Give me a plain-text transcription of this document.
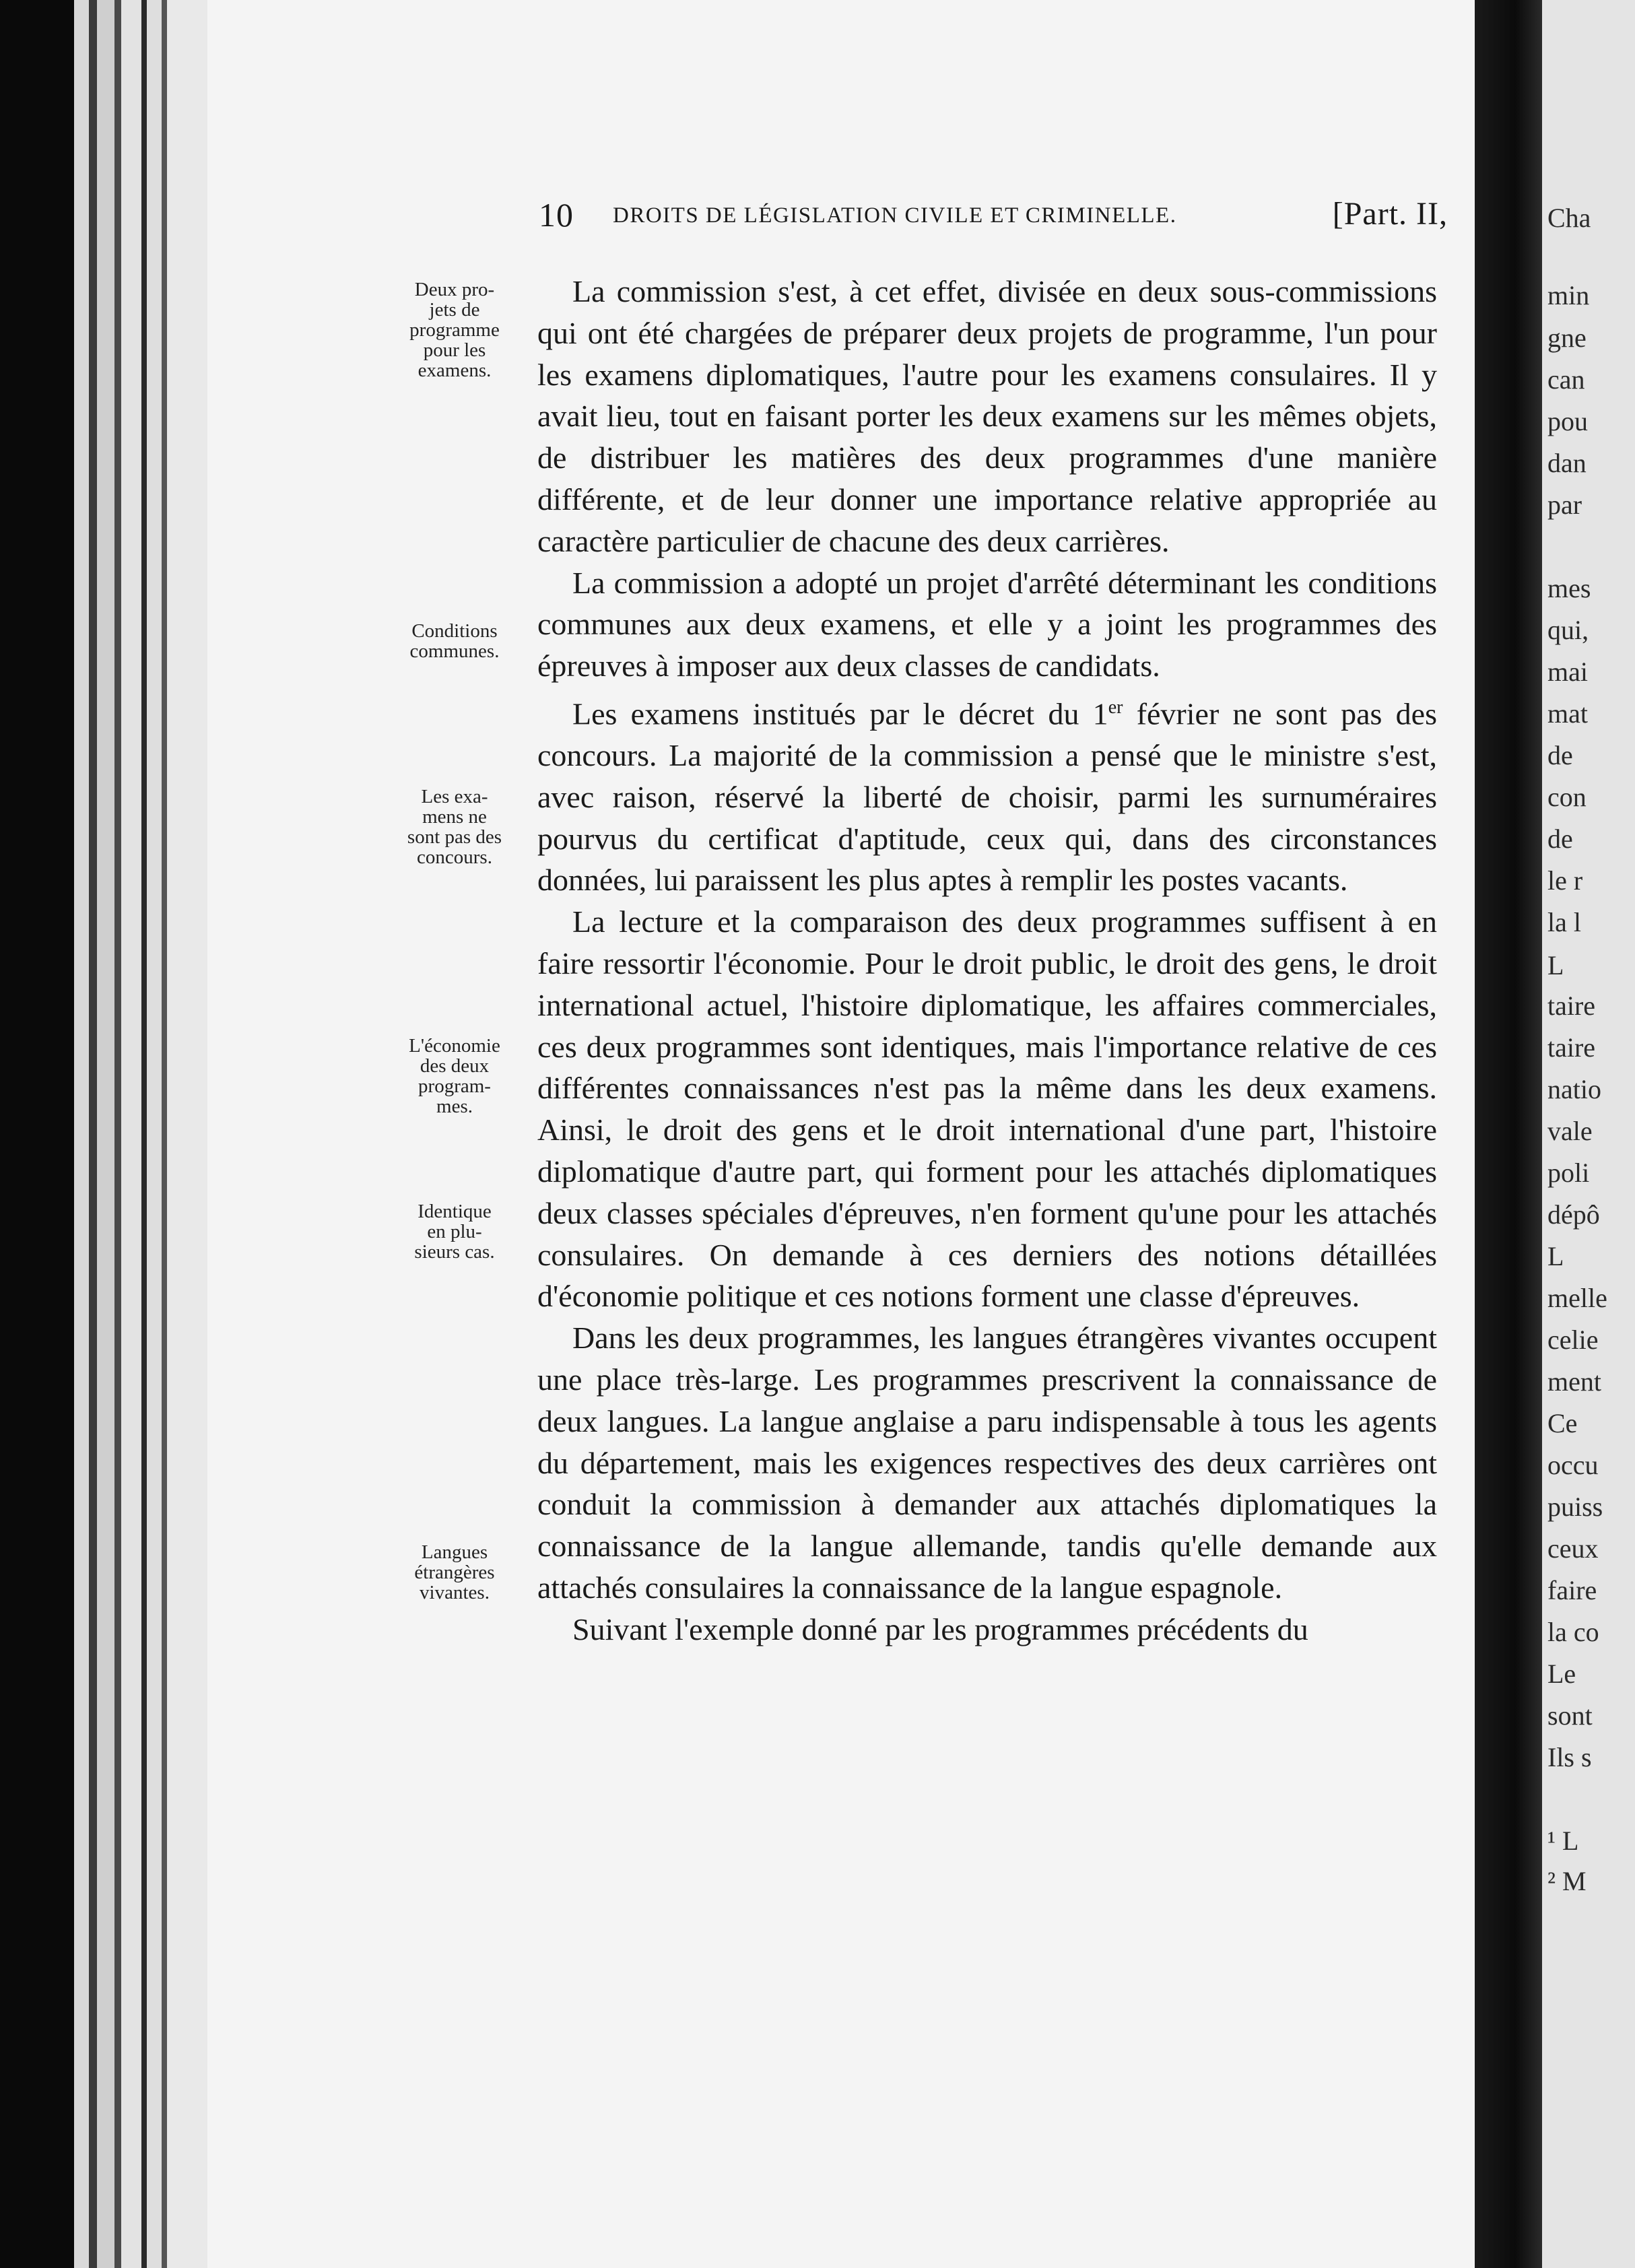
Cha
min
gne
can
pou
dan
par
mes
qui,
mai
mat
de
con
de
le r
la l
L
taire
taire
natio
vale
poli
dépô
L
melle
celie
ment
Ce
occu
puiss
ceux
faire
la co
Le
sont
Ils s
¹ L
² M
10 DROITS DE LÉGISLATION CIVILE ET CRIMINELLE.	[Part. II,
Deux pro-
jets de
programme
pour les
examens.
Conditions
communes.
Les exa-
mens ne
sont pas des
concours.
L'économie
des deux
program-
mes.
Identique
en plu-
sieurs cas.
Langues
étrangères
vivantes.

La commission s'est, à cet effet, divisée en deux sous-commissions qui ont été chargées de préparer deux projets de programme, l'un pour les examens diplomatiques, l'autre pour les examens consulaires. Il y avait lieu, tout en faisant porter les deux examens sur les mêmes objets, de distribuer les matières des deux programmes d'une manière différente, et de leur donner une importance relative appropriée au caractère particulier de chacune des deux carrières.

La commission a adopté un projet d'arrêté déterminant les conditions communes aux deux examens, et elle y a joint les programmes des épreuves à imposer aux deux classes de candidats.

Les examens institués par le décret du 1er février ne sont pas des concours. La majorité de la commission a pensé que le ministre s'est, avec raison, réservé la liberté de choisir, parmi les surnuméraires pourvus du certificat d'aptitude, ceux qui, dans des circonstances données, lui paraissent les plus aptes à remplir les postes vacants.

La lecture et la comparaison des deux programmes suffisent à en faire ressortir l'économie. Pour le droit public, le droit des gens, le droit international actuel, l'histoire diplomatique, les affaires commerciales, ces deux programmes sont identiques, mais l'importance relative de ces différentes connaissances n'est pas la même dans les deux examens. Ainsi, le droit des gens et le droit international d'une part, l'histoire diplomatique d'autre part, qui forment pour les attachés diplomatiques deux classes spéciales d'épreuves, n'en forment qu'une pour les attachés consulaires. On demande à ces derniers des notions détaillées d'économie politique et ces notions forment une classe d'épreuves.

Dans les deux programmes, les langues étrangères vivantes occupent une place très-large. Les programmes prescrivent la connaissance de deux langues. La langue anglaise a paru indispensable à tous les agents du département, mais les exigences respectives des deux carrières ont conduit la commission à demander aux attachés diplomatiques la connaissance de la langue allemande, tandis qu'elle demande aux attachés consulaires la connaissance de la langue espagnole.

Suivant l'exemple donné par les programmes précédents du
